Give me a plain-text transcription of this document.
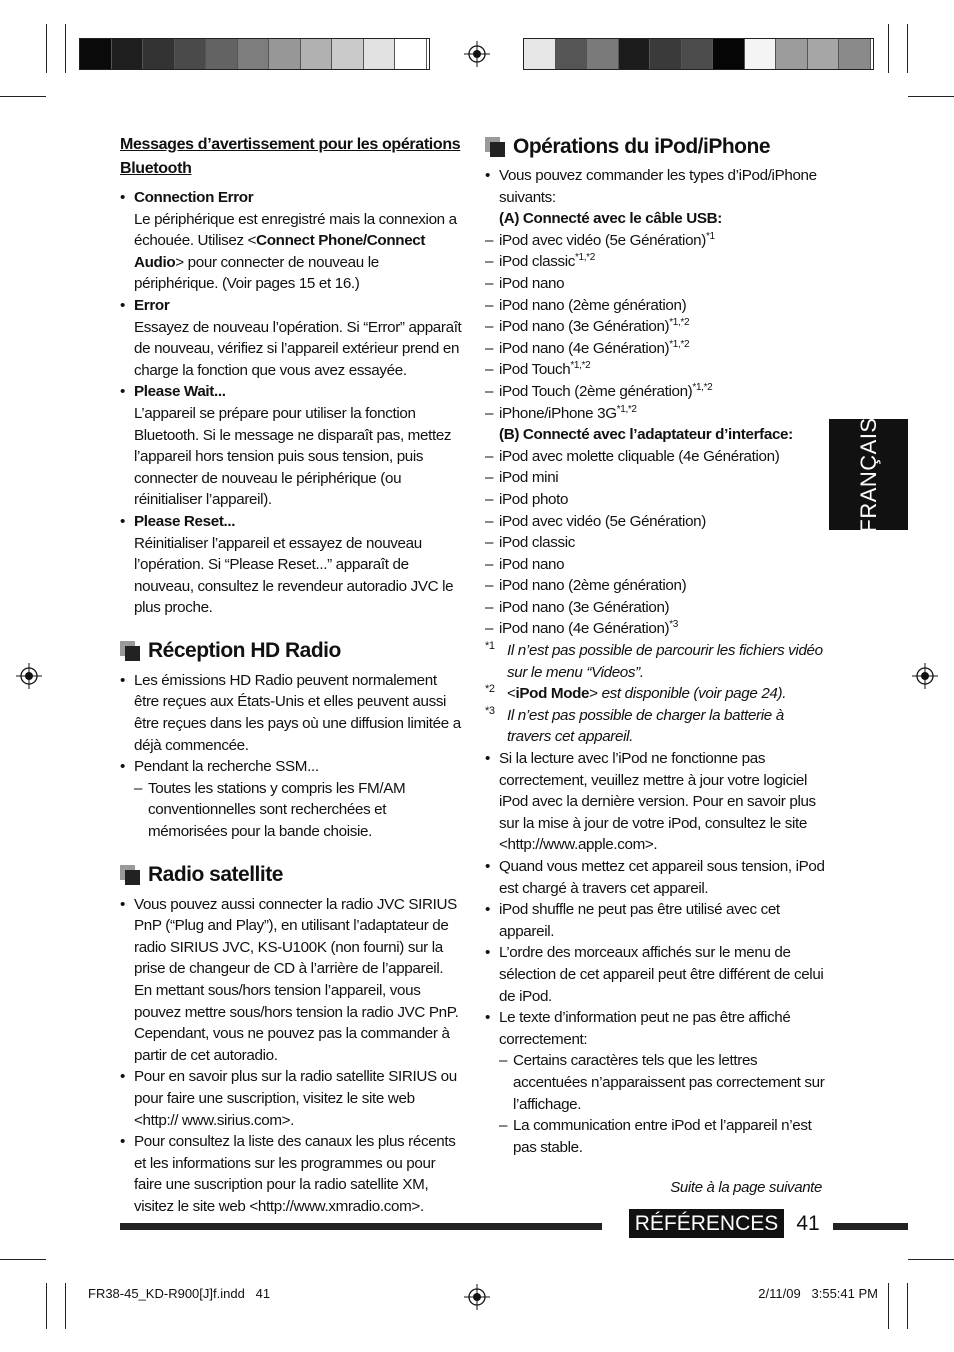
FRANÇAIS

Messages d’avertissement pour les opérations Bluetooth

• Connection Error
Le périphérique est enregistré mais la connexion a échouée. Utilisez <Connect Phone/Connect Audio> pour connecter de nouveau le périphérique. (Voir pages 15 et 16.)
• Error
Essayez de nouveau l’opération. Si “Error” apparaît de nouveau, vérifiez si l’appareil extérieur prend en charge la fonction que vous avez essayée.
• Please Wait...
L’appareil se prépare pour utiliser la fonction Bluetooth. Si le message ne disparaît pas, mettez l’appareil hors tension puis sous tension, puis connecter de nouveau le périphérique (ou réinitialiser l’appareil).
• Please Reset...
Réinitialiser l’appareil et essayez de nouveau l’opération. Si “Please Reset...” apparaît de nouveau, consultez le revendeur autoradio JVC le plus proche.
Réception HD Radio
• Les émissions HD Radio peuvent normalement être reçues aux États-Unis et elles peuvent aussi être reçues dans les pays où une diffusion limitée a déjà commencée.
• Pendant la recherche SSM...
– Toutes les stations y compris les FM/AM conventionnelles sont recherchées et mémorisées pour la bande choisie.
Radio satellite
• Vous pouvez aussi connecter la radio JVC SIRIUS PnP (“Plug and Play”), en utilisant l’adaptateur de radio SIRIUS JVC, KS-U100K (non fourni) sur la prise de changeur de CD à l’arrière de l’appareil.
En mettant sous/hors tension l’appareil, vous pouvez mettre sous/hors tension la radio JVC PnP. Cependant, vous ne pouvez pas la commander à partir de cet autoradio.
• Pour en savoir plus sur la radio satellite SIRIUS ou pour faire une suscription, visitez le site web <http:// www.sirius.com>.
• Pour consultez la liste des canaux les plus récents et les informations sur les programmes ou pour faire une suscription pour la radio satellite XM, visitez le site web <http://www.xmradio.com>.
Opérations du iPod/iPhone
• Vous pouvez commander les types d’iPod/iPhone suivants:
(A) Connecté avec le câble USB:
– iPod avec vidéo (5e Génération)$^{*1}$
– iPod classic$^{*1,*2}$
– iPod nano
– iPod nano (2ème génération)
– iPod nano (3e Génération)$^{*1,*2}$
– iPod nano (4e Génération)$^{*1,*2}$
– iPod Touch$^{*1,*2}$
– iPod Touch (2ème génération)$^{*1,*2}$
– iPhone/iPhone $3G^{*1,*2}$
(B) Connecté avec l’adaptateur d’interface:
– iPod avec molette cliquable (4e Génération)
– iPod mini
– iPod photo
– iPod avec vidéo (5e Génération)
– iPod classic
– iPod nano
– iPod nano (2ème génération)
– iPod nano (3e Génération)
– iPod nano (4e Génération)$^{*3}$
*1 Il n’est pas possible de parcourir les fichiers vidéo sur le menu “Videos”.
*2 <iPod Mode> est disponible (voir page 24).
*3 Il n’est pas possible de charger la batterie à travers cet appareil.
• Si la lecture avec l’iPod ne fonctionne pas correctement, veuillez mettre à jour votre logiciel iPod avec la dernière version. Pour en savoir plus sur la mise à jour de votre iPod, consultez le site <http://www.apple.com>.
• Quand vous mettez cet appareil sous tension, iPod est chargé à travers cet appareil.
• iPod shuffle ne peut pas être utilisé avec cet appareil.
• L’ordre des morceaux affichés sur le menu de sélection de cet appareil peut être différent de celui de iPod.
• Le texte d’information peut ne pas être affiché correctement:
– Certains caractères tels que les lettres accentuées n’apparaissent pas correctement sur l’affichage.
– La communication entre iPod et l’appareil n’est pas stable.
Suite à la page suivante
RÉFÉRENCES 41
FR38-45_KD-R900[J]f.indd   41	2/11/09   3:55:41 PM
